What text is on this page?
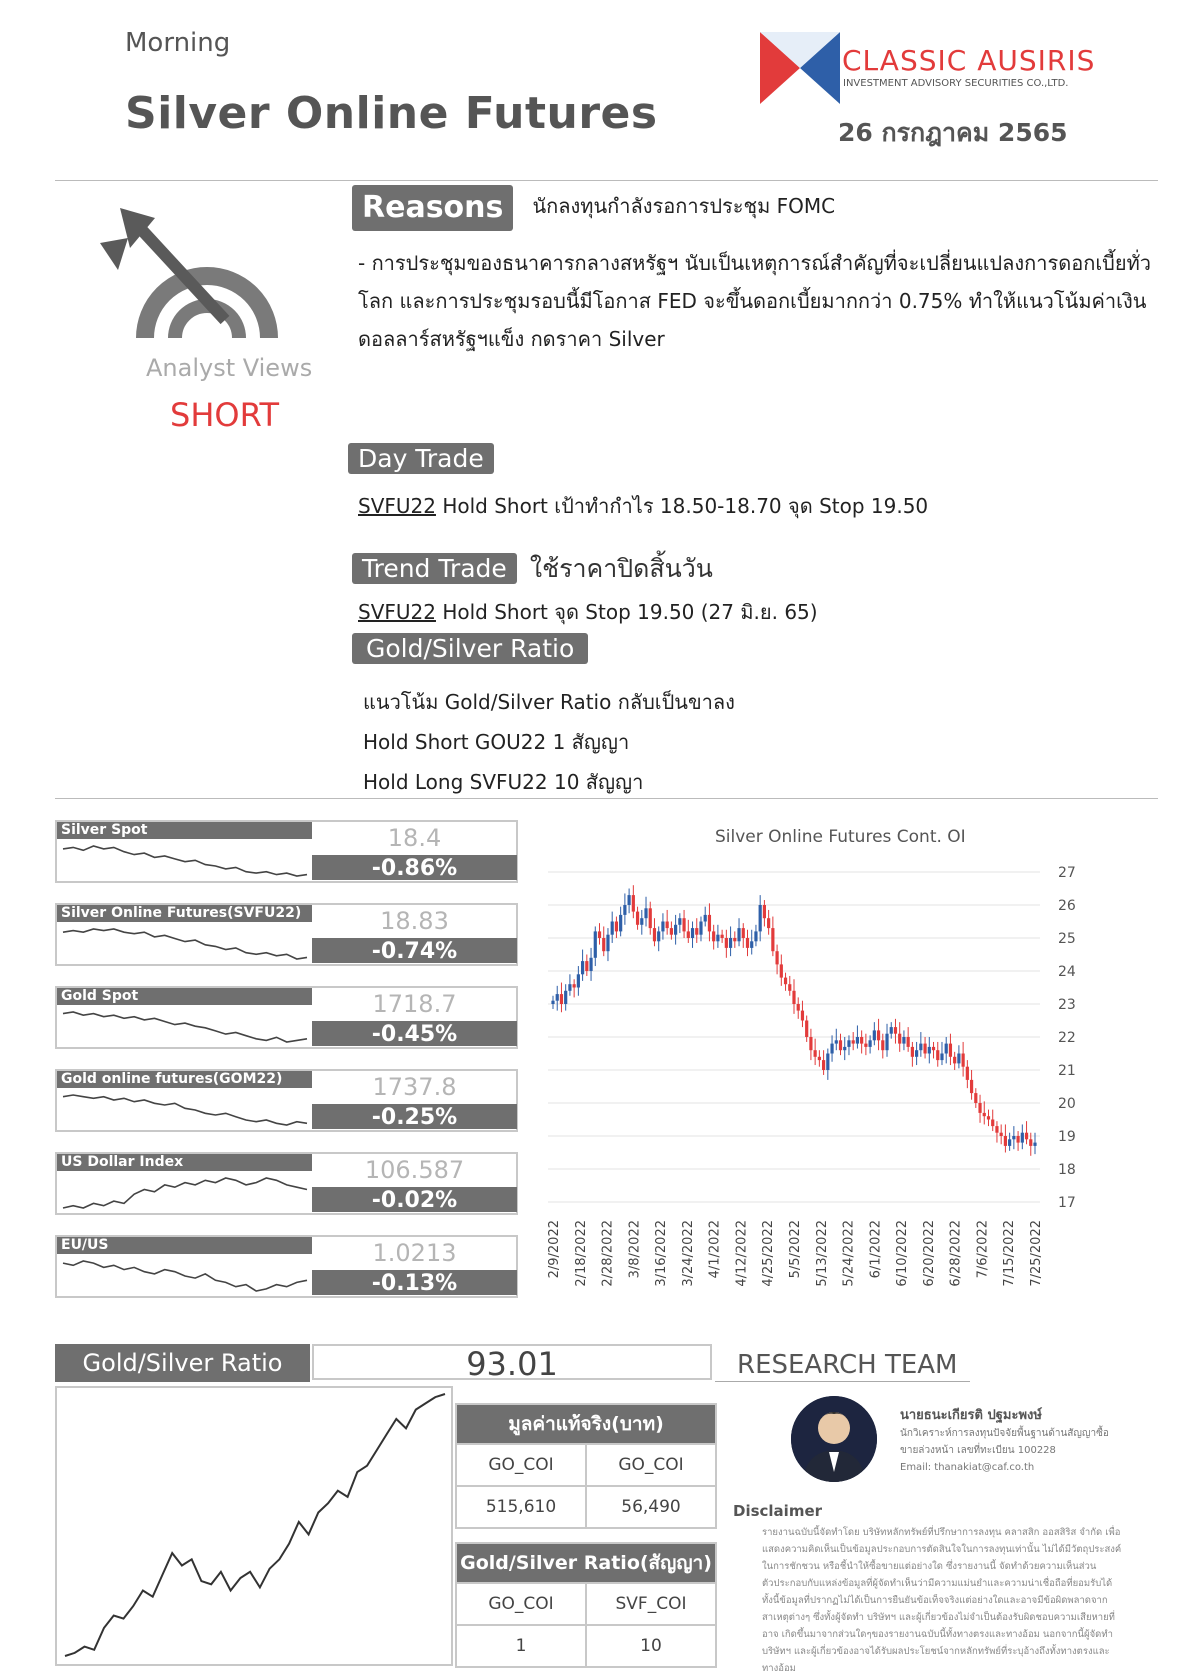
Morning
Silver Online Futures
CLASSIC AUSIRIS
INVESTMENT ADVISORY SECURITIES CO.,LTD.
26 กรกฎาคม 2565
Analyst Views
SHORT
Reasons นักลงทุนกำลังรอการประชุม FOMC
- การประชุมของธนาคารกลางสหรัฐฯ นับเป็นเหตุการณ์สำคัญที่จะเปลี่ยนแปลงการดอกเบี้ยทั่ว
โลก และการประชุมรอบนี้มีโอกาส FED จะขึ้นดอกเบี้ยมากกว่า 0.75% ทำให้แนวโน้มค่าเงิน
ดอลลาร์สหรัฐฯแข็ง กดราคา Silver
Day Trade
SVFU22 Hold Short เป้าทำกำไร 18.50-18.70 จุด Stop 19.50
Trend Trade ใช้ราคาปิดสิ้นวัน
SVFU22 Hold Short จุด Stop 19.50 (27 มิ.ย. 65)
Gold/Silver Ratio
แนวโน้ม Gold/Silver Ratio กลับเป็นขาลง
Hold Short GOU22 1 สัญญา
Hold Long SVFU22 10 สัญญา
Silver Spot	18.4
-0.86%
Silver Online Futures(SVFU22)	18.83
-0.74%
Gold Spot	1718.7
-0.45%
Gold online futures(GOM22)	1737.8
-0.25%
US Dollar Index	106.587
-0.02%
EU/US	1.0213
-0.13%
Silver Online Futures Cont. OI
17
18
19
20
21
22
23
24
25
26
27
2/9/2022 2/18/2022 2/28/2022 3/8/2022 3/16/2022 3/24/2022 4/1/2022 4/12/2022 4/25/2022 5/5/2022 5/13/2022 5/24/2022 6/1/2022 6/10/2022 6/20/2022 6/28/2022 7/6/2022 7/15/2022 7/25/2022
Gold/Silver Ratio	93.01
มูลค่าแท้จริง(บาท)	
GO_COI	GO_COI
515,610	56,490
Gold/Silver Ratio(สัญญา)	
GO_COI	SVF_COI
1	10
RESEARCH TEAM
นายธนะเกียรติ ปฐมะพงษ์
นักวิเคราะห์การลงทุนปัจจัยพื้นฐานด้านสัญญาซื้อ
ขายล่วงหน้า เลขที่ทะเบียน 100228
Email: thanakiat@caf.co.th
Disclaimer
รายงานฉบับนี้จัดทำโดย บริษัทหลักทรัพย์ที่ปรึกษาการลงทุน คลาสสิก ออสสิริส จำกัด เพื่อแสดงความคิดเห็นเป็นข้อมูลประกอบการตัดสินใจในการลงทุนเท่านั้น ไม่ได้มีวัตถุประสงค์ในการชักชวน หรือชี้นำให้ซื้อขายแต่อย่างใด ซึ่งรายงานนี้ จัดทำด้วยความเห็นส่วนตัวประกอบกับแหล่งข้อมูลที่ผู้จัดทำเห็นว่ามีความแม่นยำและความน่าเชื่อถือที่ยอมรับได้ ทั้งนี้ข้อมูลที่ปรากฏไม่ได้เป็นการยืนยันข้อเท็จจริงแต่อย่างใดและอาจมีข้อผิดพลาดจากสาเหตุต่างๆ ซึ่งทั้งผู้จัดทำ บริษัทฯ และผู้เกี่ยวข้องไม่จำเป็นต้องรับผิดชอบความเสียหายที่อาจ เกิดขึ้นมาจากส่วนใดๆของรายงานฉบับนี้ทั้งทางตรงและทางอ้อม นอกจากนี้ผู้จัดทำ บริษัทฯ และผู้เกี่ยวข้องอาจได้รับผลประโยชน์จากหลักทรัพย์ที่ระบุอ้างถึงทั้งทางตรงและทางอ้อม
